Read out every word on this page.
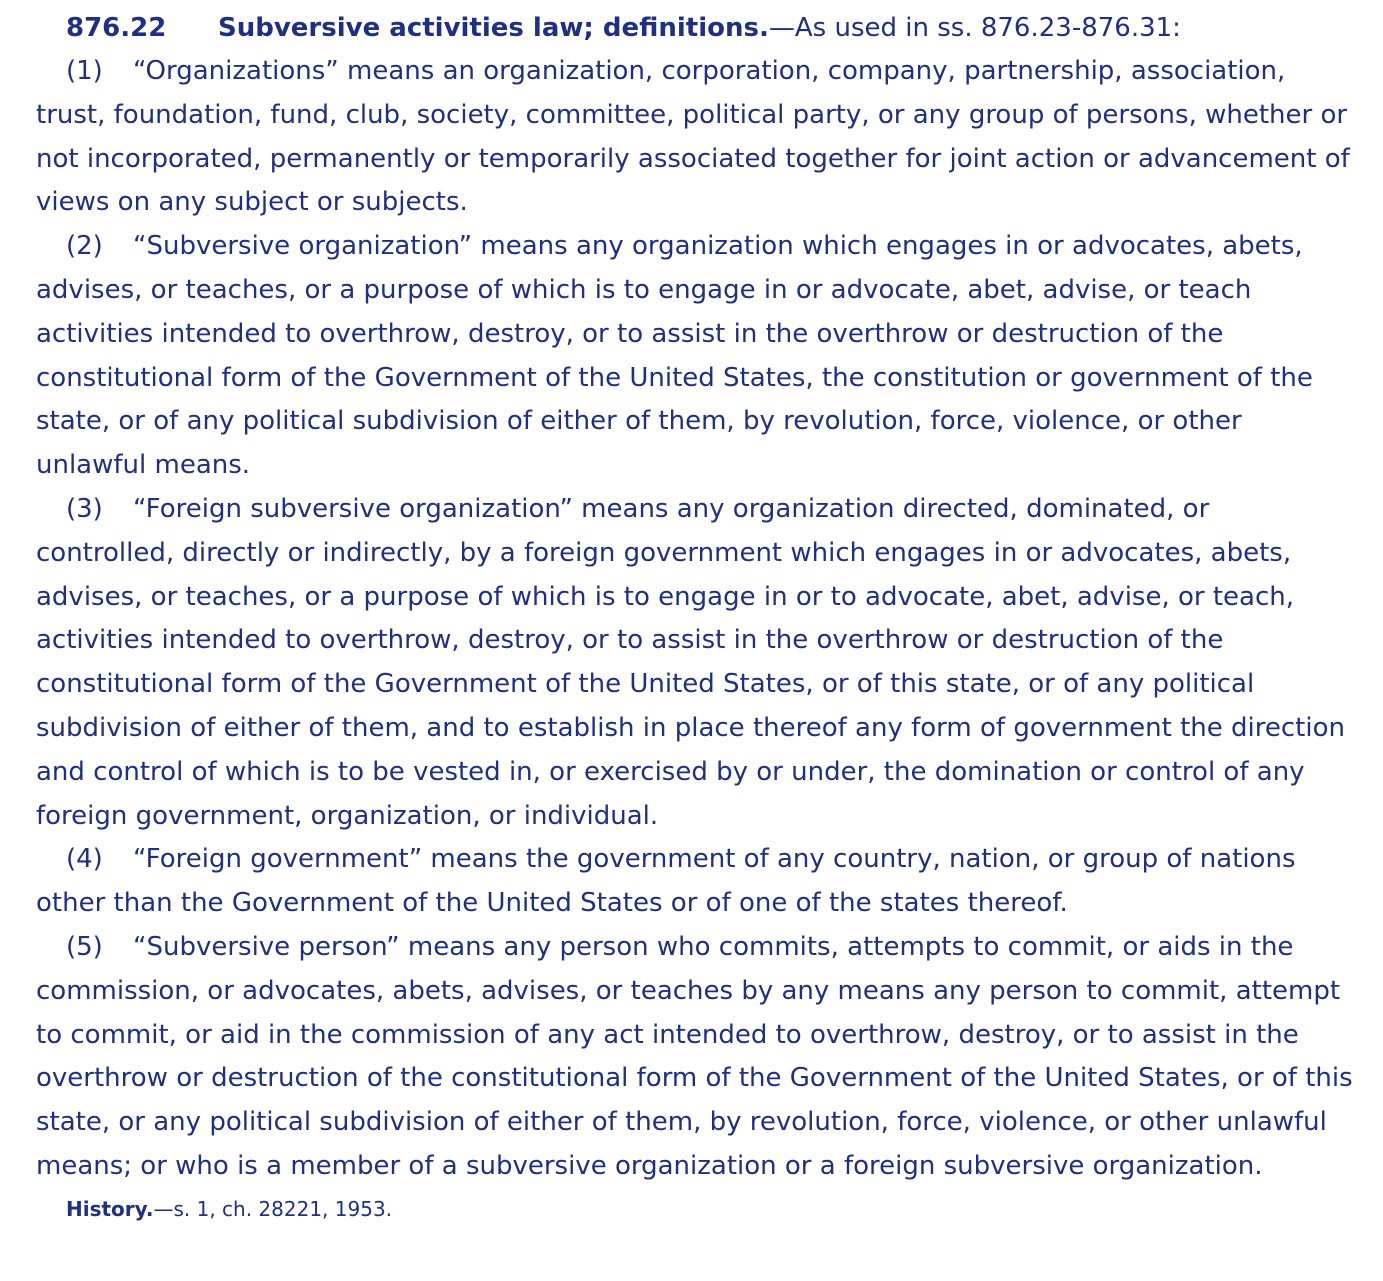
876.22 Subversive activities law; definitions.—As used in ss. 876.23-876.31:

(1) “Organizations” means an organization, corporation, company, partnership, association, trust, foundation, fund, club, society, committee, political party, or any group of persons, whether or not incorporated, permanently or temporarily associated together for joint action or advancement of views on any subject or subjects.

(2) “Subversive organization” means any organization which engages in or advocates, abets, advises, or teaches, or a purpose of which is to engage in or advocate, abet, advise, or teach activities intended to overthrow, destroy, or to assist in the overthrow or destruction of the constitutional form of the Government of the United States, the constitution or government of the state, or of any political subdivision of either of them, by revolution, force, violence, or other unlawful means.

(3) “Foreign subversive organization” means any organization directed, dominated, or controlled, directly or indirectly, by a foreign government which engages in or advocates, abets, advises, or teaches, or a purpose of which is to engage in or to advocate, abet, advise, or teach, activities intended to overthrow, destroy, or to assist in the overthrow or destruction of the constitutional form of the Government of the United States, or of this state, or of any political subdivision of either of them, and to establish in place thereof any form of government the direction and control of which is to be vested in, or exercised by or under, the domination or control of any foreign government, organization, or individual.

(4) “Foreign government” means the government of any country, nation, or group of nations other than the Government of the United States or of one of the states thereof.

(5) “Subversive person” means any person who commits, attempts to commit, or aids in the commission, or advocates, abets, advises, or teaches by any means any person to commit, attempt to commit, or aid in the commission of any act intended to overthrow, destroy, or to assist in the overthrow or destruction of the constitutional form of the Government of the United States, or of this state, or any political subdivision of either of them, by revolution, force, violence, or other unlawful means; or who is a member of a subversive organization or a foreign subversive organization.

History.—s. 1, ch. 28221, 1953.
